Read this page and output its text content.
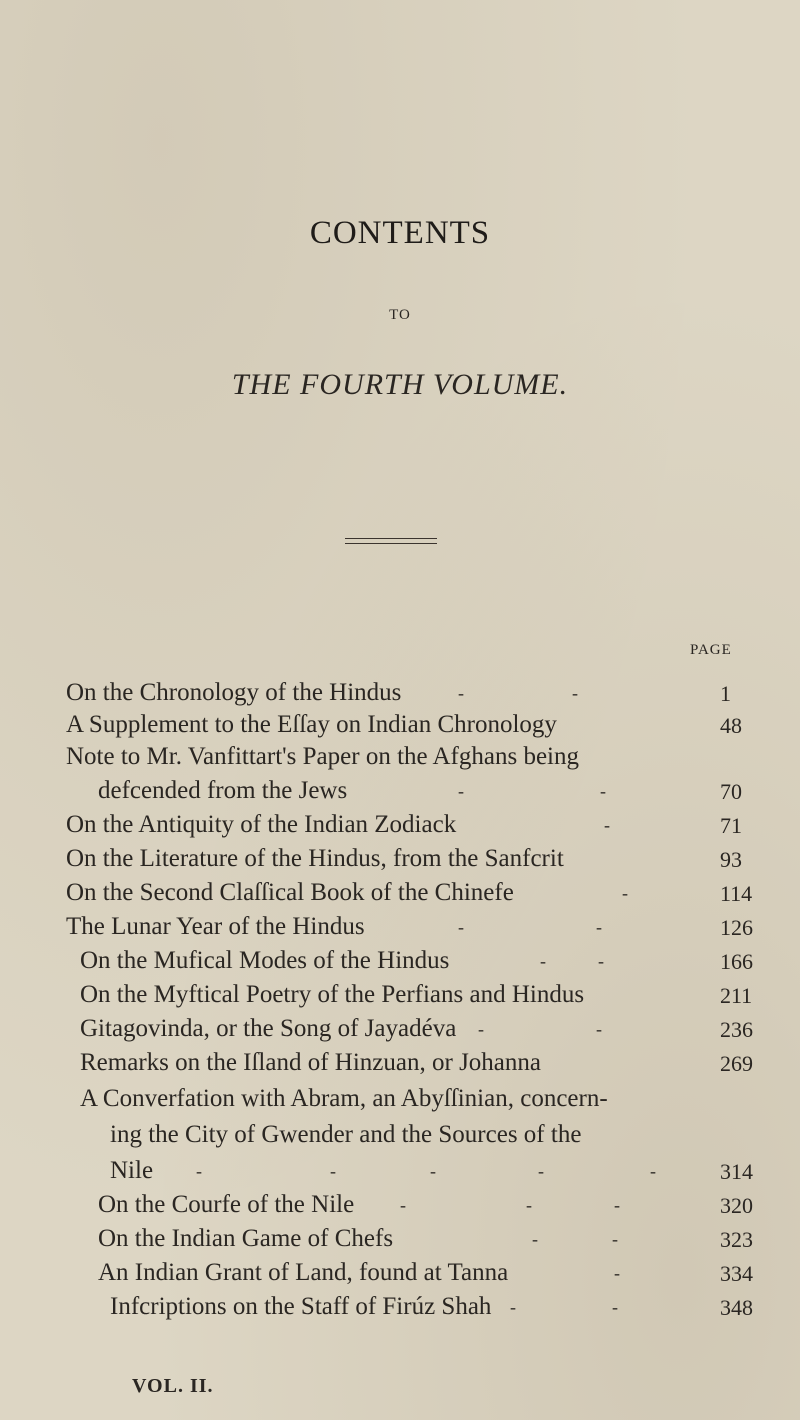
CONTENTS
TO
THE FOURTH VOLUME.
PAGE
On the Chronology of the Hindus	-	-	1
A Supplement to the Eſſay on Indian Chronology	48
Note to Mr. Vanfittart's Paper on the Afghans being
defcended from the Jews	-	-	70
On the Antiquity of the Indian Zodiack	-	71
On the Literature of the Hindus, from the Sanfcrit	93
On the Second Claſſical Book of the Chinefe	-	114
The Lunar Year of the Hindus	-	-	126
On the Mufical Modes of the Hindus	-	-	166
On the Myftical Poetry of the Perfians and Hindus	211
Gitagovinda, or the Song of Jayadéva -	-	236
Remarks on the Iſland of Hinzuan, or Johanna	269
A Converfation with Abram, an Abyſſinian, concern-
ing the City of Gwender and the Sources of the
Nile -	-	-	-	-	314
On the Courfe of the Nile	-	-	-	320
On the Indian Game of Chefs	-	-	323
An Indian Grant of Land, found at Tanna	-	334
Infcriptions on the Staff of Firúz Shah -	-	348
VOL. II.
